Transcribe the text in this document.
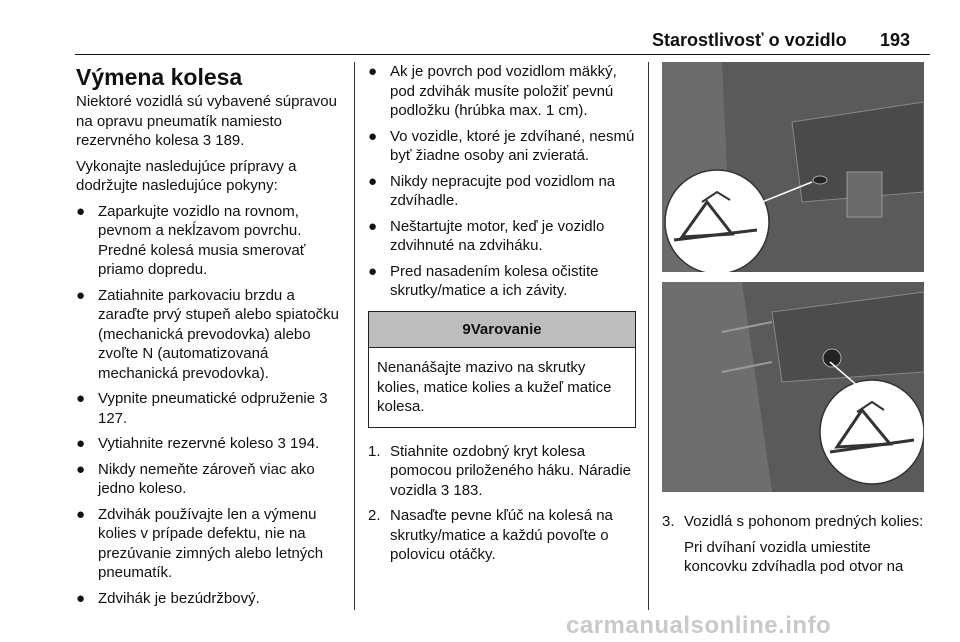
Starostlivosť o vozidlo 193
Výmena kolesa

Niektoré vozidlá sú vybavené súpravou na opravu pneumatík namiesto rezervného kolesa 3 189.

Vykonajte nasledujúce prípravy a dodržujte nasledujúce pokyny:

● Zaparkujte vozidlo na rovnom, pevnom a nekĺzavom povrchu. Predné kolesá musia smerovať priamo dopredu.
● Zatiahnite parkovaciu brzdu a zaraďte prvý stupeň alebo spiatočku (mechanická prevodovka) alebo zvoľte N (automatizovaná mechanická prevodovka).
● Vypnite pneumatické odpruženie 3 127.
● Vytiahnite rezervné koleso 3 194.
● Nikdy nemeňte zároveň viac ako jedno koleso.
● Zdvihák používajte len a výmenu kolies v prípade defektu, nie na prezúvanie zimných alebo letných pneumatík.
● Zdvihák je bezúdržbový.
● Ak je povrch pod vozidlom mäkký, pod zdvihák musíte položiť pevnú podložku (hrúbka max. 1 cm).
● Vo vozidle, ktoré je zdvíhané, nesmú byť žiadne osoby ani zvieratá.
● Nikdy nepracujte pod vozidlom na zdvíhadle.
● Neštartujte motor, keď je vozidlo zdvihnuté na zdviháku.
● Pred nasadením kolesa očistite skrutky/matice a ich závity.
9Varovanie
Nenanášajte mazivo na skrutky kolies, matice kolies a kužeľ matice kolesa.
1. Stiahnite ozdobný kryt kolesa pomocou priloženého háku. Náradie vozidla 3 183.
2. Nasaďte pevne kľúč na kolesá na skrutky/matice a každú povoľte o polovicu otáčky.
3. Vozidlá s pohonom predných kolies:
Pri dvíhaní vozidla umiestite koncovku zdvíhadla pod otvor na
carmanualsonline.info
